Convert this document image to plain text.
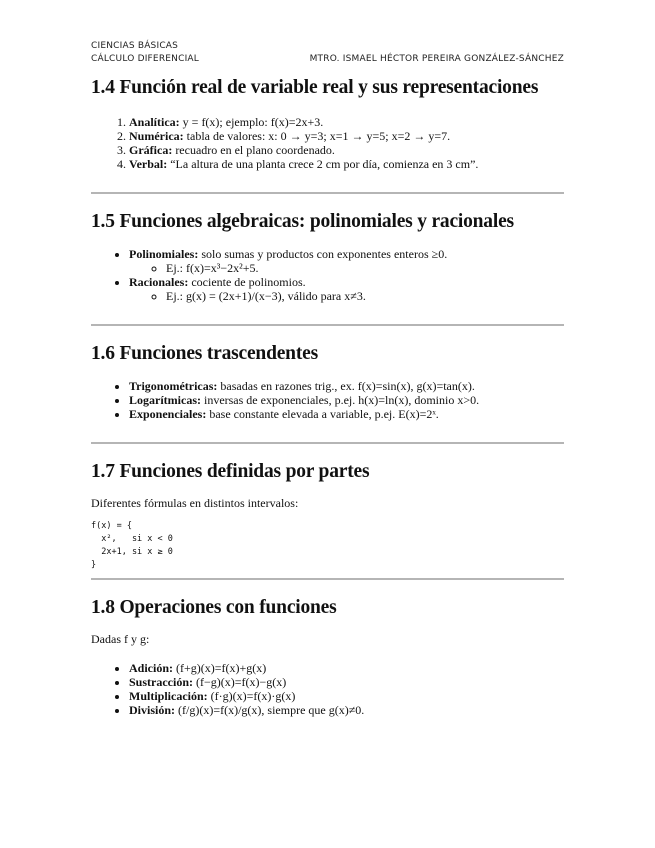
CIENCIAS BÁSICAS
CÁLCULO DIFERENCIAL	MTRO. ISMAEL HÉCTOR PEREIRA GONZÁLEZ-SÁNCHEZ
1.4 Función real de variable real y sus representaciones
1. Analítica: y = f(x); ejemplo: f(x)=2x+3.
2. Numérica: tabla de valores: x: 0 → y=3; x=1 → y=5; x=2 → y=7.
3. Gráfica: recuadro en el plano coordenado.
4. Verbal: “La altura de una planta crece 2 cm por día, comienza en 3 cm”.
1.5 Funciones algebraicas: polinomiales y racionales
• Polinomiales: solo sumas y productos con exponentes enteros ≥0.
◦ Ej.: f(x)=x³−2x²+5.
• Racionales: cociente de polinomios.
◦ Ej.: g(x) = (2x+1)/(x−3), válido para x≠3.
1.6 Funciones trascendentes
• Trigonométricas: basadas en razones trig., ex. f(x)=sin(x), g(x)=tan(x).
• Logarítmicas: inversas de exponenciales, p.ej. h(x)=ln(x), dominio x>0.
• Exponenciales: base constante elevada a variable, p.ej. E(x)=2ˣ.
1.7 Funciones definidas por partes

Diferentes fórmulas en distintos intervalos:

f(x) = {
x²,   si x < 0
2x+1, si x ≥ 0
}
1.8 Operaciones con funciones

Dadas f y g:

• Adición: (f+g)(x)=f(x)+g(x)
• Sustracción: (f−g)(x)=f(x)−g(x)
• Multiplicación: (f·g)(x)=f(x)·g(x)
• División: (f/g)(x)=f(x)/g(x), siempre que g(x)≠0.
